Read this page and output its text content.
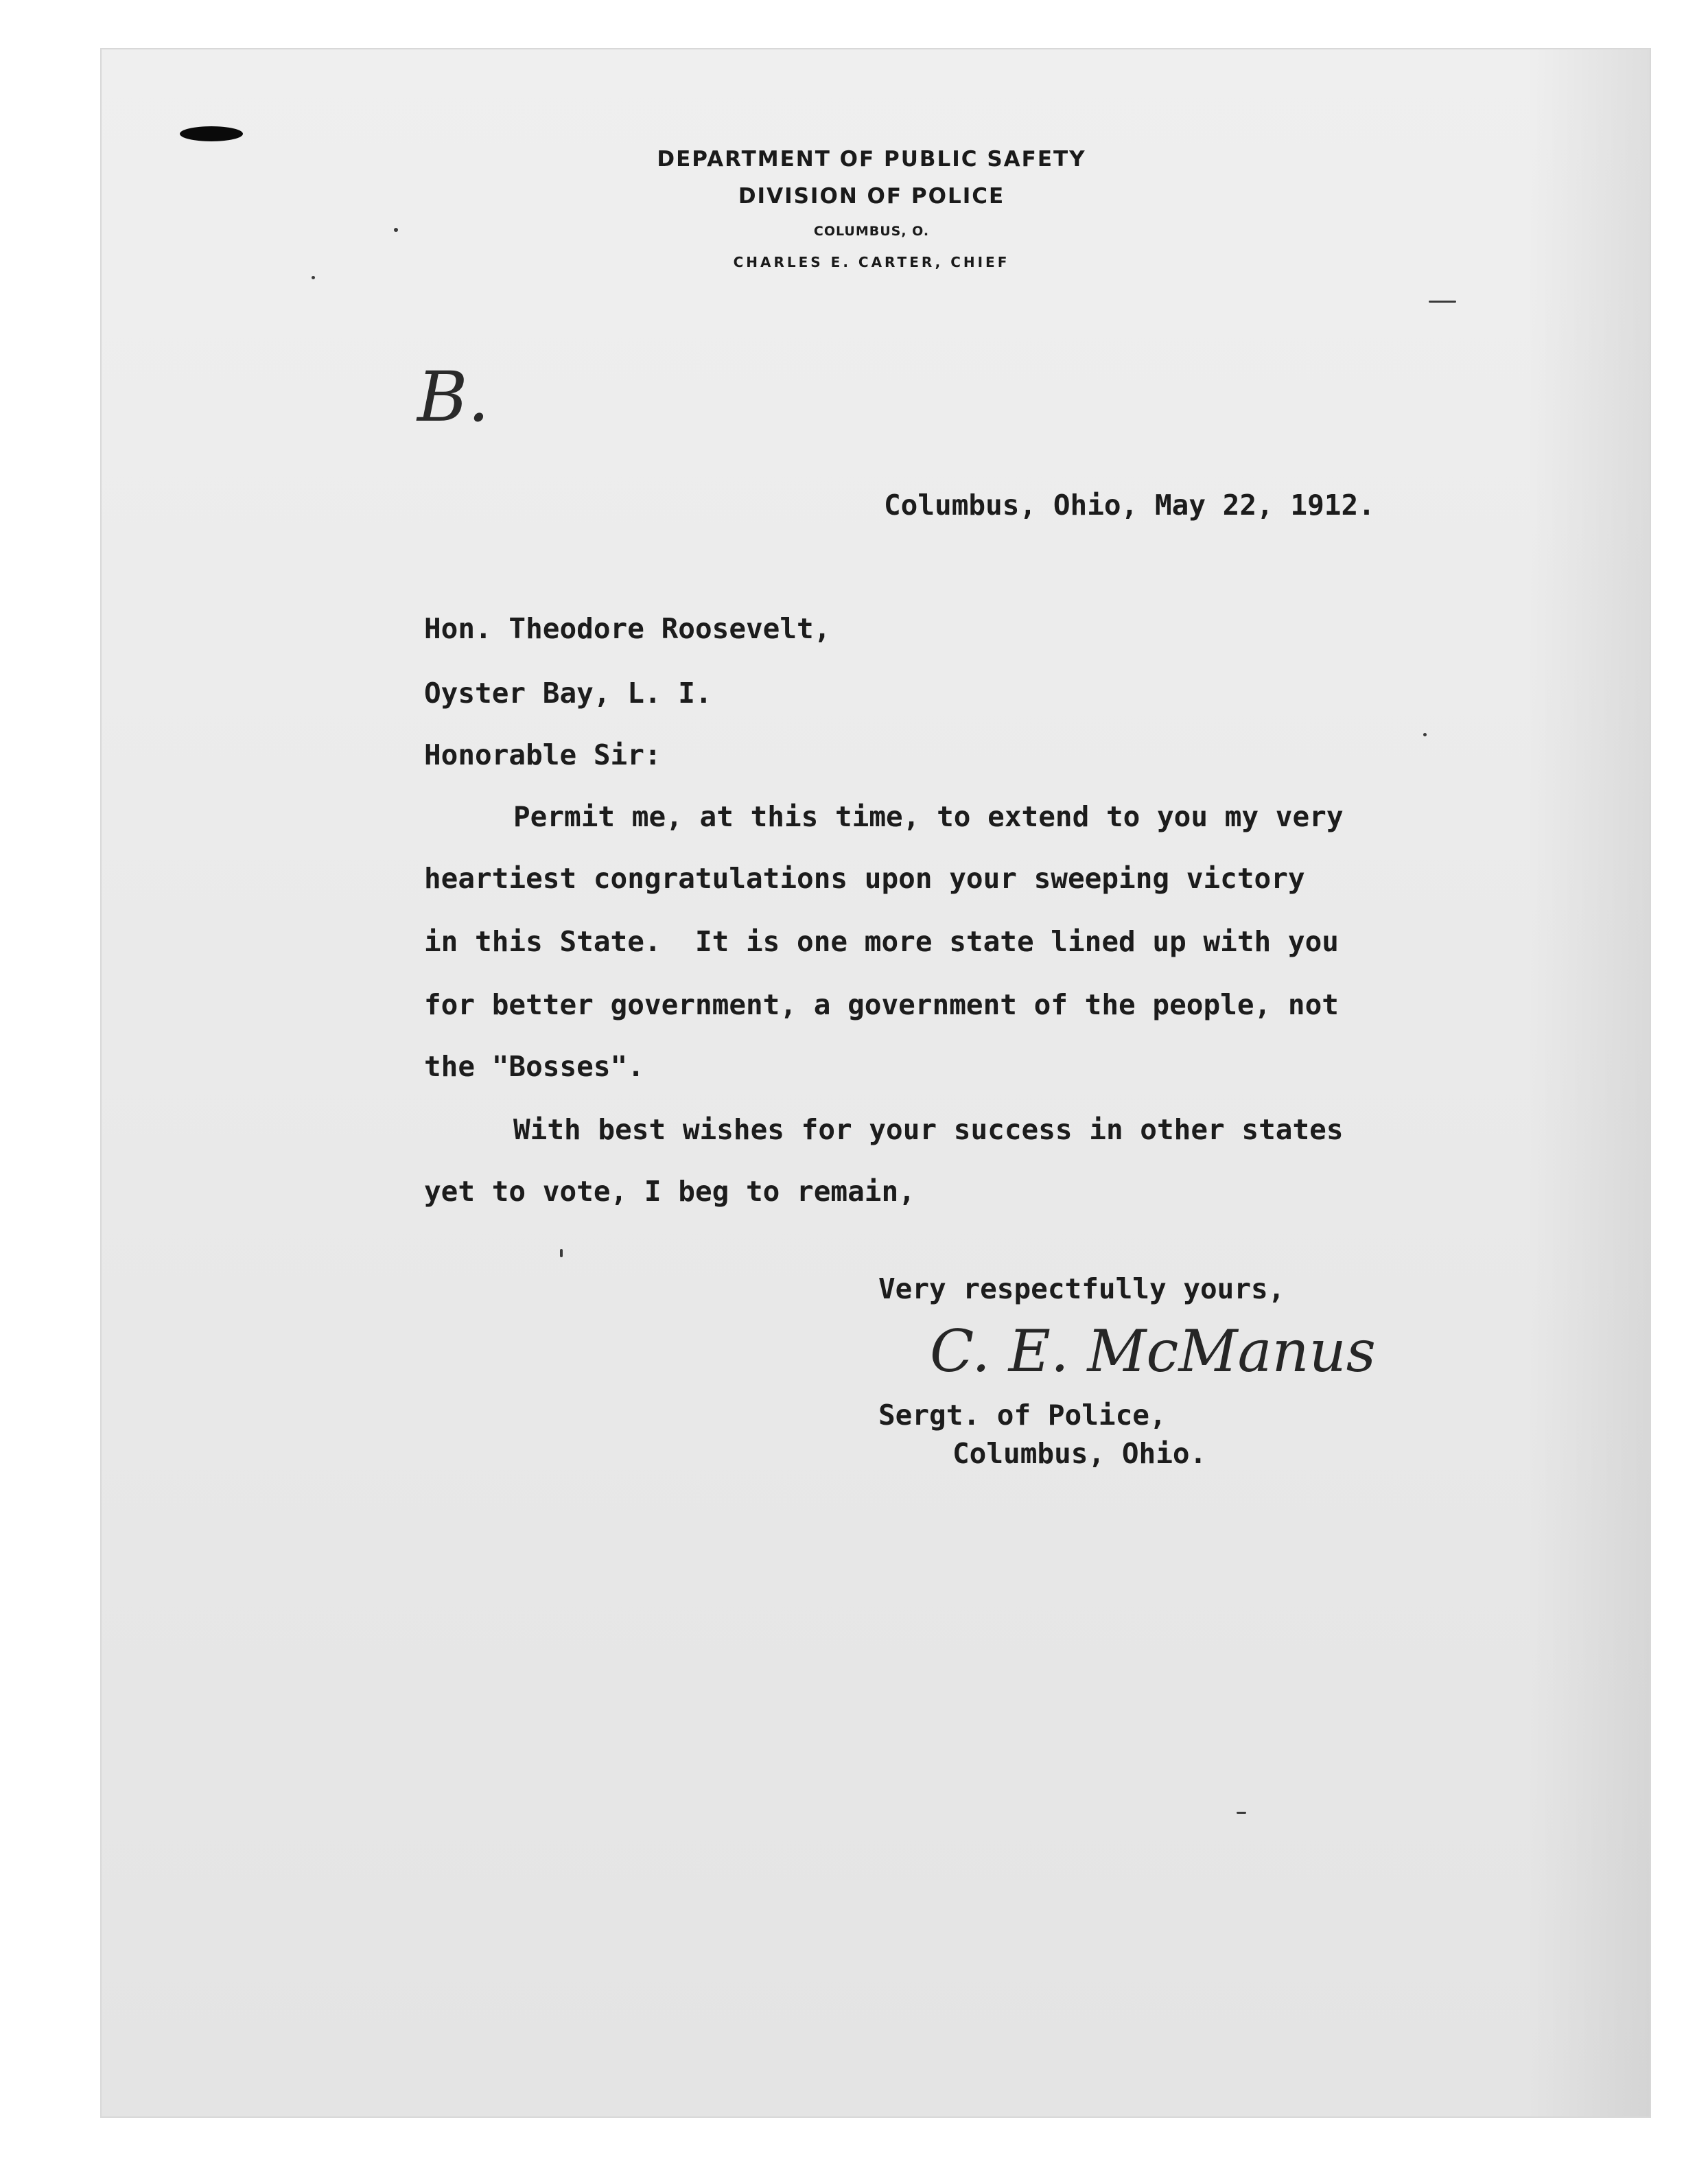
DEPARTMENT OF PUBLIC SAFETY
DIVISION OF POLICE
COLUMBUS, O.
CHARLES E. CARTER, CHIEF
B.
Columbus, Ohio, May 22, 1912.
Hon. Theodore Roosevelt,
Oyster Bay, L. I.
Honorable Sir:
Permit me, at this time, to extend to you my very
heartiest congratulations upon your sweeping victory
in this State.  It is one more state lined up with you
for better government, a government of the people, not
the "Bosses".
With best wishes for your success in other states
yet to vote, I beg to remain,
Very respectfully yours,
C. E. McManus
Sergt. of Police,
Columbus, Ohio.
